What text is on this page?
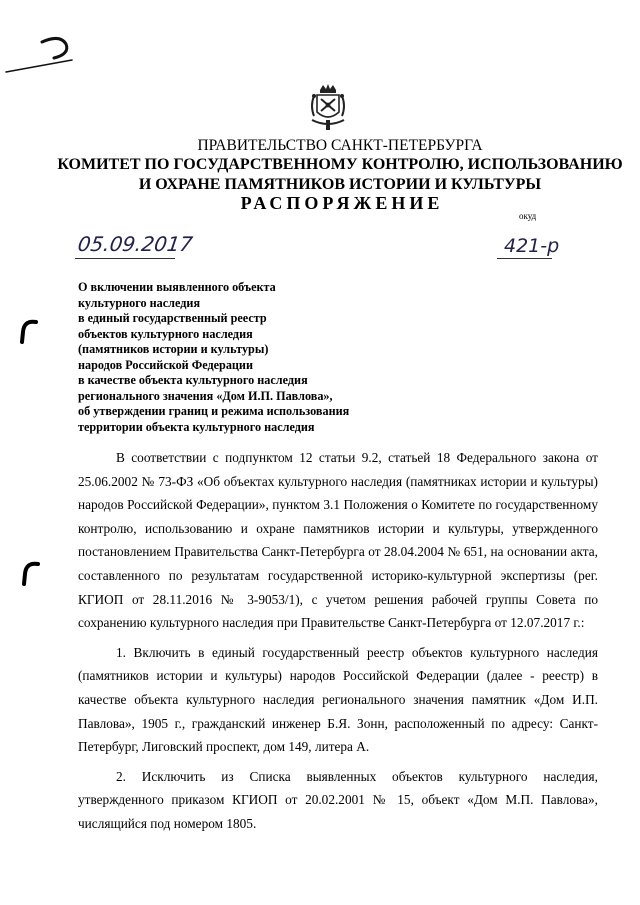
ПРАВИТЕЛЬСТВО САНКТ-ПЕТЕРБУРГА
КОМИТЕТ ПО ГОСУДАРСТВЕННОМУ КОНТРОЛЮ, ИСПОЛЬЗОВАНИЮ
И ОХРАНЕ ПАМЯТНИКОВ ИСТОРИИ И КУЛЬТУРЫ
РАСПОРЯЖЕНИЕ
окуд
05.09.2017	421-р
О включении выявленного объекта
культурного наследия
в единый государственный реестр
объектов культурного наследия
(памятников истории и культуры)
народов Российской Федерации
в качестве объекта культурного наследия
регионального значения «Дом И.П. Павлова»,
об утверждении границ и режима использования
территории объекта культурного наследия

В соответствии с подпунктом 12 статьи 9.2, статьей 18 Федерального закона от 25.06.2002 № 73-ФЗ «Об объектах культурного наследия (памятниках истории и культуры) народов Российской Федерации», пунктом 3.1 Положения о Комитете по государственному контролю, использованию и охране памятников истории и культуры, утвержденного постановлением Правительства Санкт-Петербурга от 28.04.2004 № 651, на основании акта, составленного по результатам государственной историко-культурной экспертизы (рег. КГИОП от 28.11.2016 № 3-9053/1), с учетом решения рабочей группы Совета по сохранению культурного наследия при Правительстве Санкт-Петербурга от 12.07.2017 г.:

1. Включить в единый государственный реестр объектов культурного наследия (памятников истории и культуры) народов Российской Федерации (далее - реестр) в качестве объекта культурного наследия регионального значения памятник «Дом И.П. Павлова», 1905 г., гражданский инженер Б.Я. Зонн, расположенный по адресу: Санкт-Петербург, Лиговский проспект, дом 149, литера А.

2. Исключить из Списка выявленных объектов культурного наследия, утвержденного приказом КГИОП от 20.02.2001 № 15, объект «Дом М.П. Павлова», числящийся под номером 1805.
